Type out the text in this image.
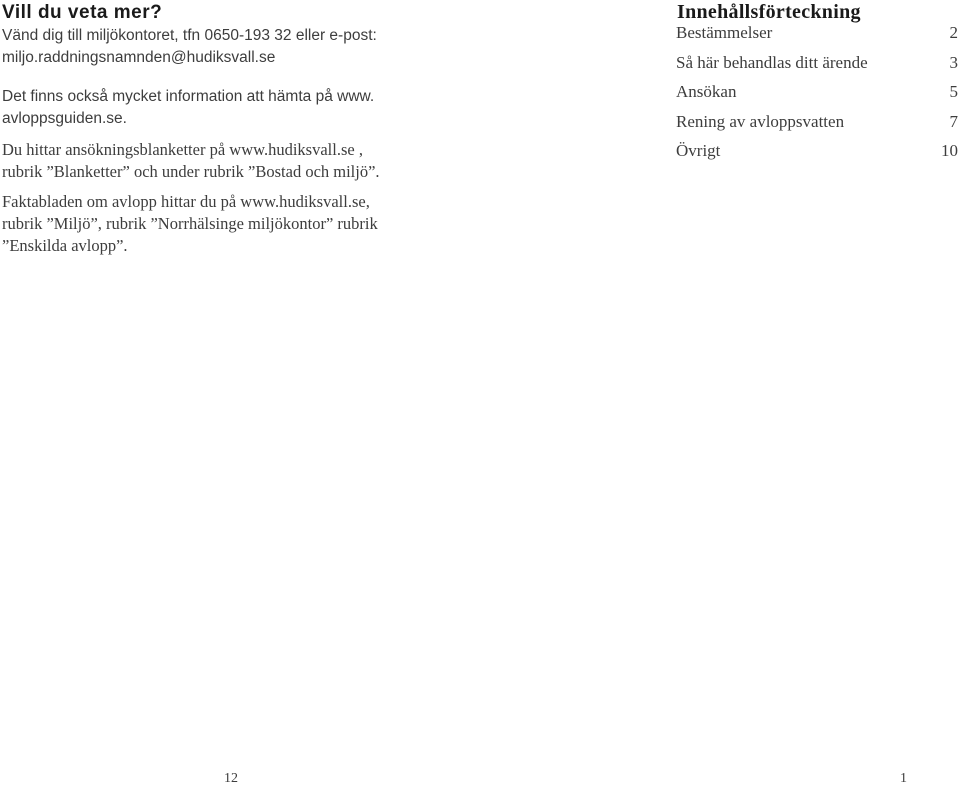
Vill du veta mer?

Vänd dig till miljökontoret, tfn 0650-193 32 eller e-post:
miljo.raddningsnamnden@hudiksvall.se

Det finns också mycket information att hämta på www.
avloppsguiden.se.

Du hittar ansökningsblanketter på www.hudiksvall.se ,
rubrik ”Blanketter” och under rubrik ”Bostad och miljö”.

Faktabladen om avlopp hittar du på www.hudiksvall.se,
rubrik ”Miljö”, rubrik ”Norrhälsinge miljökontor” rubrik
”Enskilda avlopp”.

12
Innehållsförteckning
Bestämmelser	2
Så här behandlas ditt ärende	3
Ansökan	5
Rening av avloppsvatten	7
Övrigt	10
1
